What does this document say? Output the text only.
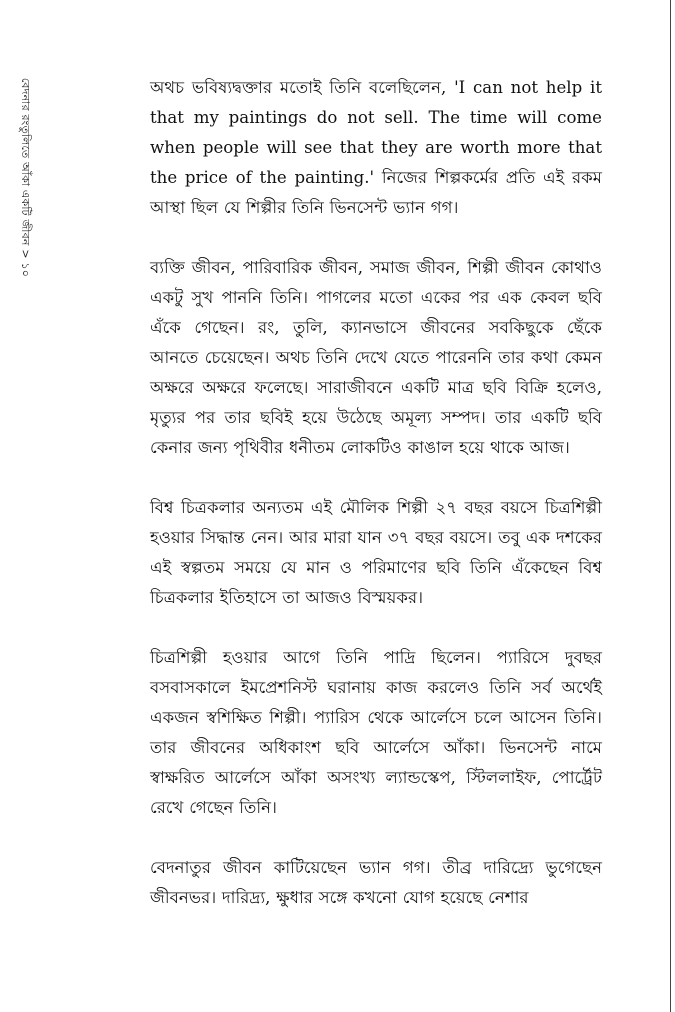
বেদনার রংতুলিতে আঁকা একটি জীবন > ১০	অথচ ভবিষ্যদ্বক্তার মতোই তিনি বলেছিলেন, 'I can not help it that my paintings do not sell. The time will come when people will see that they are worth more that the price of the painting.' নিজের শিল্পকর্মের প্রতি এই রকম আস্থা ছিল যে শিল্পীর তিনি ভিনসেন্ট ভ্যান গগ।

ব্যক্তি জীবন, পারিবারিক জীবন, সমাজ জীবন, শিল্পী জীবন কোথাও একটু সুখ পাননি তিনি। পাগলের মতো একের পর এক কেবল ছবি এঁকে গেছেন। রং, তুলি, ক্যানভাসে জীবনের সবকিছুকে ছেঁকে আনতে চেয়েছেন। অথচ তিনি দেখে যেতে পারেননি তার কথা কেমন অক্ষরে অক্ষরে ফলেছে। সারাজীবনে একটি মাত্র ছবি বিক্রি হলেও, মৃত্যুর পর তার ছবিই হয়ে উঠেছে অমূল্য সম্পদ। তার একটি ছবি কেনার জন্য পৃথিবীর ধনীতম লোকটিও কাঙাল হয়ে থাকে আজ।

বিশ্ব চিত্রকলার অন্যতম এই মৌলিক শিল্পী ২৭ বছর বয়সে চিত্রশিল্পী হওয়ার সিদ্ধান্ত নেন। আর মারা যান ৩৭ বছর বয়সে। তবু এক দশকের এই স্বল্পতম সময়ে যে মান ও পরিমাণের ছবি তিনি এঁকেছেন বিশ্ব চিত্রকলার ইতিহাসে তা আজও বিস্ময়কর।

চিত্রশিল্পী হওয়ার আগে তিনি পাদ্রি ছিলেন। প্যারিসে দুবছর বসবাসকালে ইমপ্রেশনিস্ট ঘরানায় কাজ করলেও তিনি সর্ব অর্থেই একজন স্বশিক্ষিত শিল্পী। প্যারিস থেকে আর্লেসে চলে আসেন তিনি। তার জীবনের অধিকাংশ ছবি আর্লেসে আঁকা। ভিনসেন্ট নামে স্বাক্ষরিত আর্লেসে আঁকা অসংখ্য ল্যান্ডস্কেপ, স্টিললাইফ, পোর্ট্রেট রেখে গেছেন তিনি।

বেদনাতুর জীবন কাটিয়েছেন ভ্যান গগ। তীব্র দারিদ্র্যে ভুগেছেন জীবনভর। দারিদ্র্য, ক্ষুধার সঙ্গে কখনো যোগ হয়েছে নেশার
